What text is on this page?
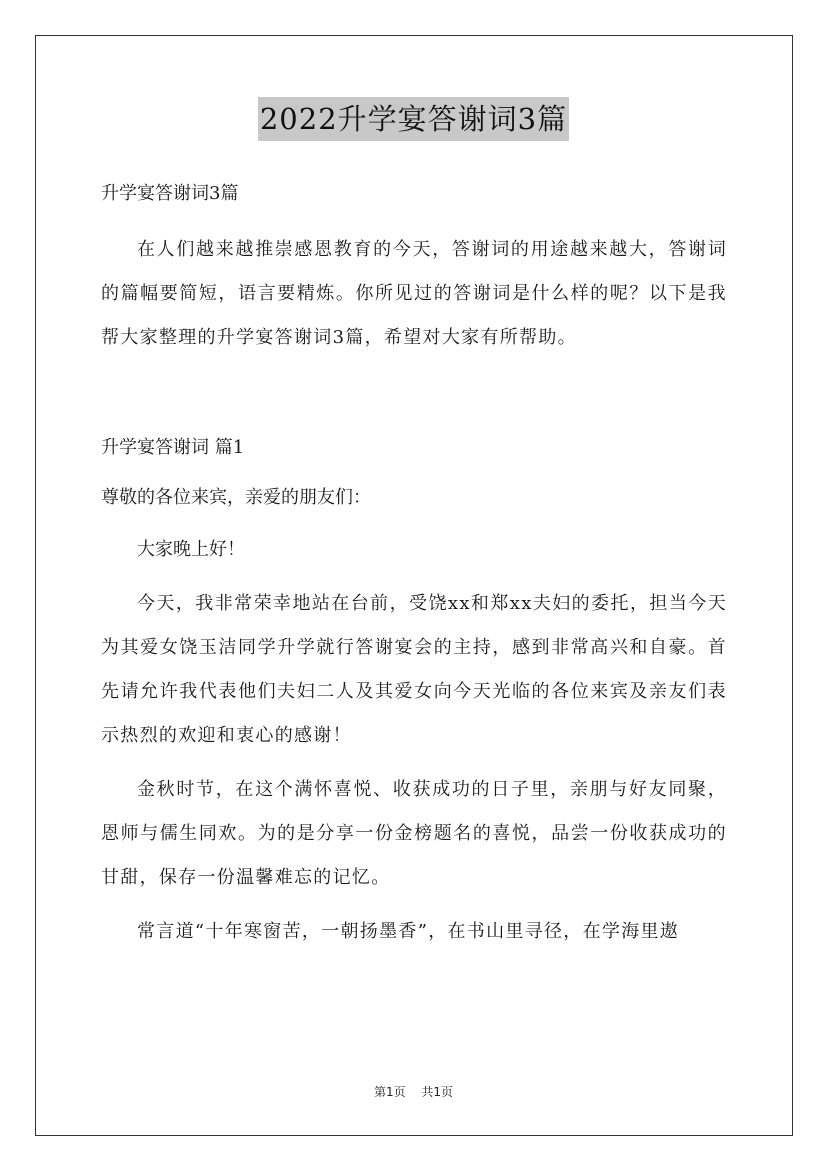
2022升学宴答谢词3篇

升学宴答谢词3篇

在人们越来越推崇感恩教育的今天，答谢词的用途越来越大，答谢词的篇幅要简短，语言要精炼。你所见过的答谢词是什么样的呢？以下是我帮大家整理的升学宴答谢词3篇，希望对大家有所帮助。

升学宴答谢词 篇1

尊敬的各位来宾，亲爱的朋友们：

大家晚上好！

今天，我非常荣幸地站在台前，受饶xx和郑xx夫妇的委托，担当今天为其爱女饶玉洁同学升学就行答谢宴会的主持，感到非常高兴和自豪。首先请允许我代表他们夫妇二人及其爱女向今天光临的各位来宾及亲友们表示热烈的欢迎和衷心的感谢！

金秋时节，在这个满怀喜悦、收获成功的日子里，亲朋与好友同聚，恩师与儒生同欢。为的是分享一份金榜题名的喜悦，品尝一份收获成功的甘甜，保存一份温馨难忘的记忆。

常言道“十年寒窗苦，一朝扬墨香”，在书山里寻径，在学海里遨

第1页 共1页
